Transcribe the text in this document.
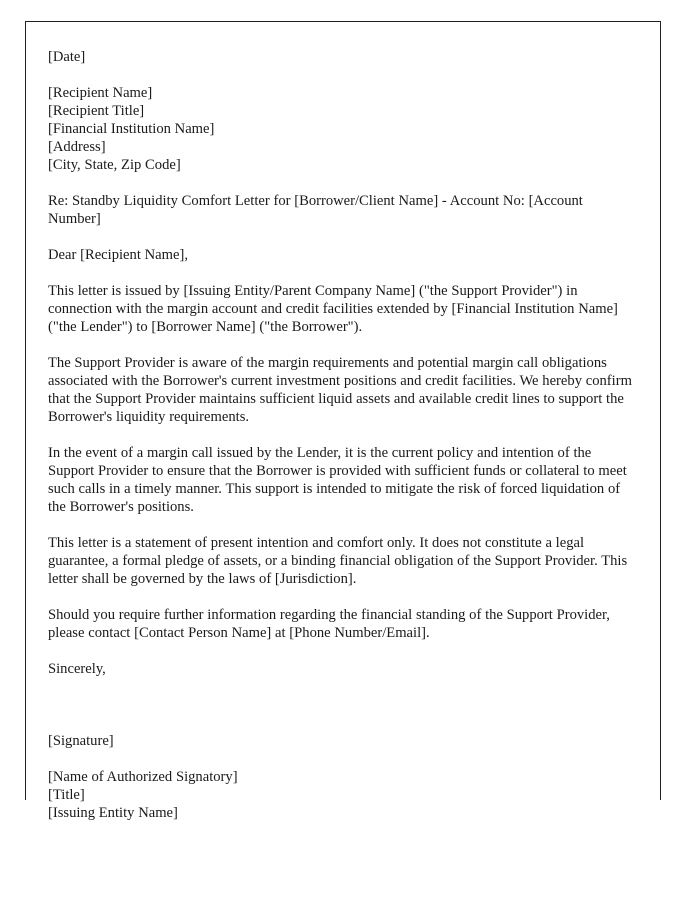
[Date]
[Recipient Name]
[Recipient Title]
[Financial Institution Name]
[Address]
[City, State, Zip Code]

Re: Standby Liquidity Comfort Letter for [Borrower/Client Name] - Account No: [Account Number]

Dear [Recipient Name],

This letter is issued by [Issuing Entity/Parent Company Name] ("the Support Provider") in connection with the margin account and credit facilities extended by [Financial Institution Name] ("the Lender") to [Borrower Name] ("the Borrower").

The Support Provider is aware of the margin requirements and potential margin call obligations associated with the Borrower's current investment positions and credit facilities. We hereby confirm that the Support Provider maintains sufficient liquid assets and available credit lines to support the Borrower's liquidity requirements.

In the event of a margin call issued by the Lender, it is the current policy and intention of the Support Provider to ensure that the Borrower is provided with sufficient funds or collateral to meet such calls in a timely manner. This support is intended to mitigate the risk of forced liquidation of the Borrower's positions.

This letter is a statement of present intention and comfort only. It does not constitute a legal guarantee, a formal pledge of assets, or a binding financial obligation of the Support Provider. This letter shall be governed by the laws of [Jurisdiction].

Should you require further information regarding the financial standing of the Support Provider, please contact [Contact Person Name] at [Phone Number/Email].

Sincerely,
[Signature]
[Name of Authorized Signatory]
[Title]
[Issuing Entity Name]
